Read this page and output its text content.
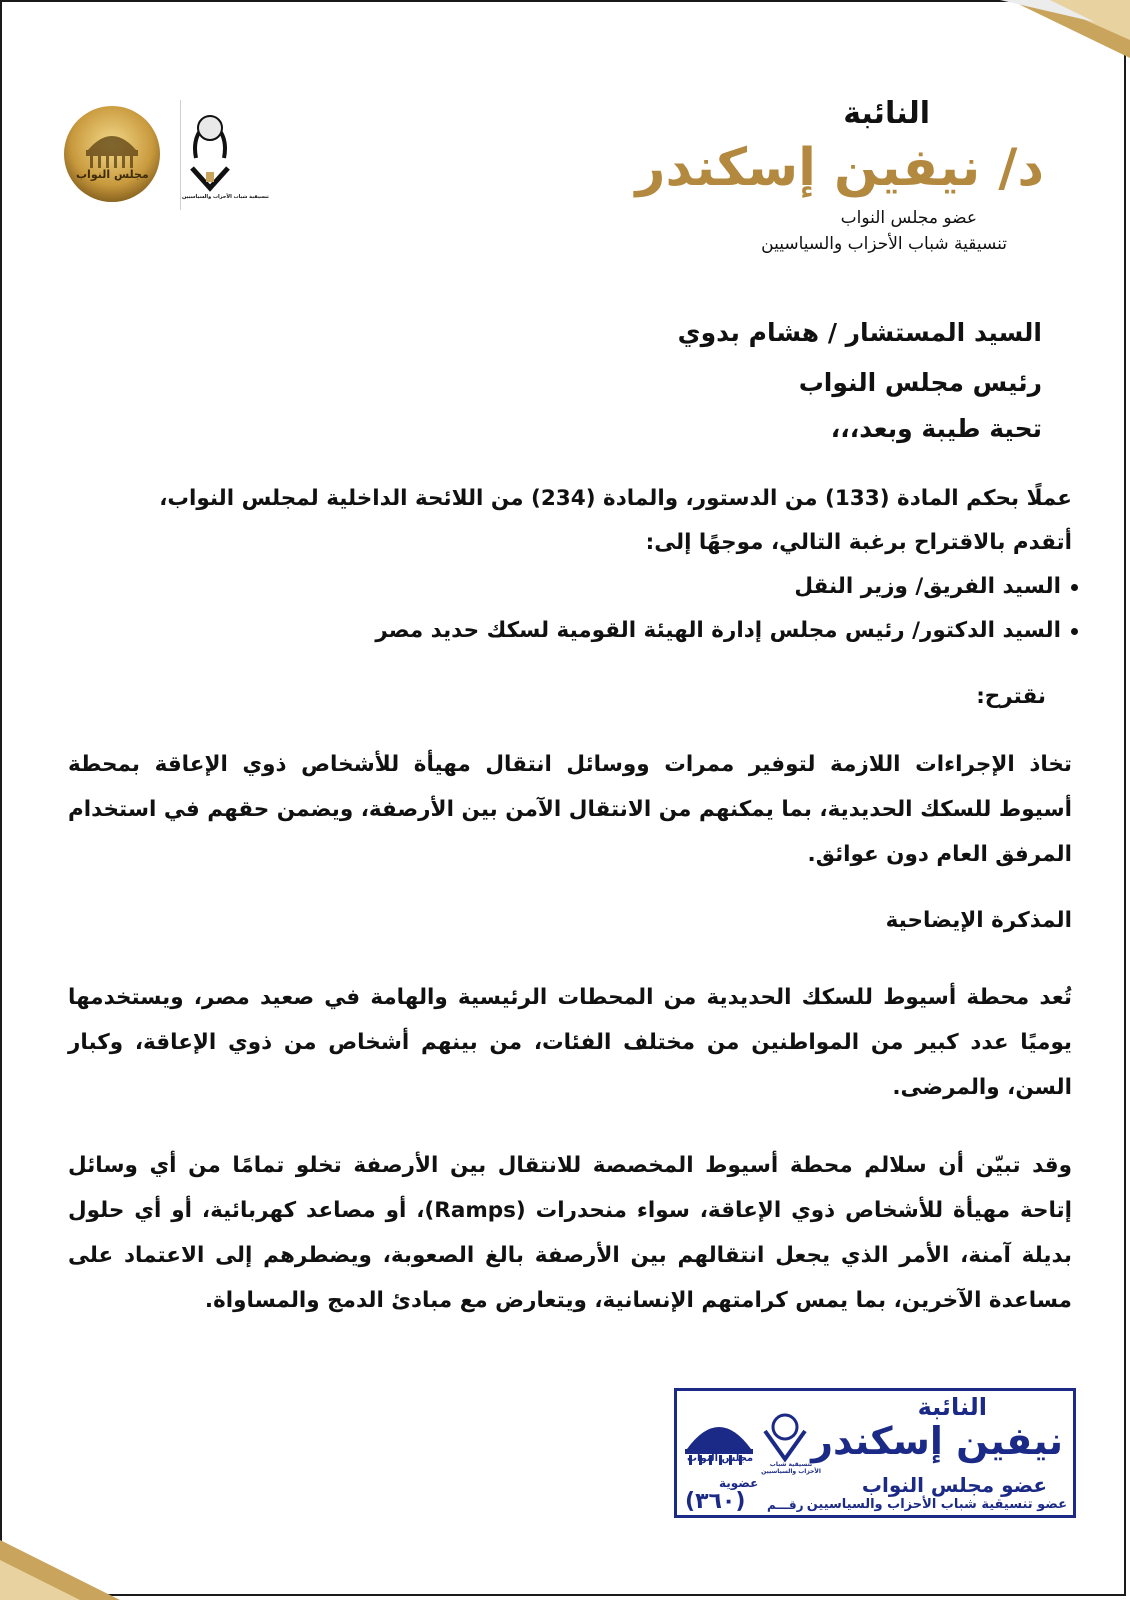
مجلس النواب
تنسيقية شباب الأحزاب والسياسيين
النائبة
د/ نيفين إسكندر
عضو مجلس النواب
تنسيقية شباب الأحزاب والسياسيين
السيد المستشار / هشام بدوي
رئيس مجلس النواب
تحية طيبة وبعد،،،
عملًا بحكم المادة (133) من الدستور، والمادة (234) من اللائحة الداخلية لمجلس النواب،
أتقدم بالاقتراح برغبة التالي، موجهًا إلى:
السيد الفريق/ وزير النقل
السيد الدكتور/ رئيس مجلس إدارة الهيئة القومية لسكك حديد مصر
نقترح:
تخاذ الإجراءات اللازمة لتوفير ممرات ووسائل انتقال مهيأة للأشخاص ذوي الإعاقة بمحطة أسيوط للسكك الحديدية، بما يمكنهم من الانتقال الآمن بين الأرصفة، ويضمن حقهم في استخدام المرفق العام دون عوائق.
المذكرة الإيضاحية
تُعد محطة أسيوط للسكك الحديدية من المحطات الرئيسية والهامة في صعيد مصر، ويستخدمها يوميًا عدد كبير من المواطنين من مختلف الفئات، من بينهم أشخاص من ذوي الإعاقة، وكبار السن، والمرضى.
وقد تبيّن أن سلالم محطة أسيوط المخصصة للانتقال بين الأرصفة تخلو تمامًا من أي وسائل إتاحة مهيأة للأشخاص ذوي الإعاقة، سواء منحدرات (Ramps)، أو مصاعد كهربائية، أو أي حلول بديلة آمنة، الأمر الذي يجعل انتقالهم بين الأرصفة بالغ الصعوبة، ويضطرهم إلى الاعتماد على مساعدة الآخرين، بما يمس كرامتهم الإنسانية، ويتعارض مع مبادئ الدمج والمساواة.
مجلس النواب
تنسيقية شباب الأحزاب والسياسيين
النائبة
نيفين إسكندر
عضو مجلس النواب
عضو تنسيقية شباب الأحزاب والسياسيين
عضوية
رقـــم
(٣٦٠)
